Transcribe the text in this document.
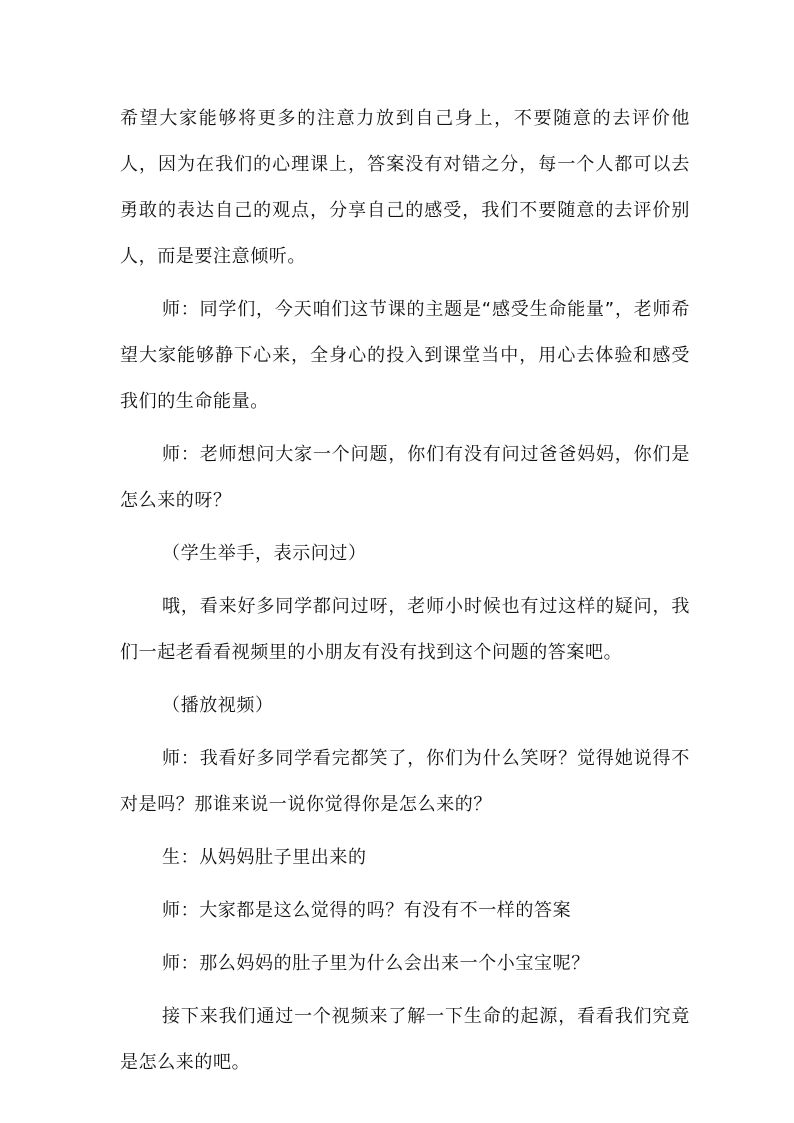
希望大家能够将更多的注意力放到自己身上，不要随意的去评价他人，因为在我们的心理课上，答案没有对错之分，每一个人都可以去勇敢的表达自己的观点，分享自己的感受，我们不要随意的去评价别人，而是要注意倾听。

师：同学们，今天咱们这节课的主题是“感受生命能量”，老师希望大家能够静下心来，全身心的投入到课堂当中，用心去体验和感受我们的生命能量。

师：老师想问大家一个问题，你们有没有问过爸爸妈妈，你们是怎么来的呀？

（学生举手，表示问过）

哦，看来好多同学都问过呀，老师小时候也有过这样的疑问，我们一起老看看视频里的小朋友有没有找到这个问题的答案吧。

（播放视频）

师：我看好多同学看完都笑了，你们为什么笑呀？觉得她说得不对是吗？那谁来说一说你觉得你是怎么来的？

生：从妈妈肚子里出来的

师：大家都是这么觉得的吗？有没有不一样的答案

师：那么妈妈的肚子里为什么会出来一个小宝宝呢？

接下来我们通过一个视频来了解一下生命的起源，看看我们究竟是怎么来的吧。
